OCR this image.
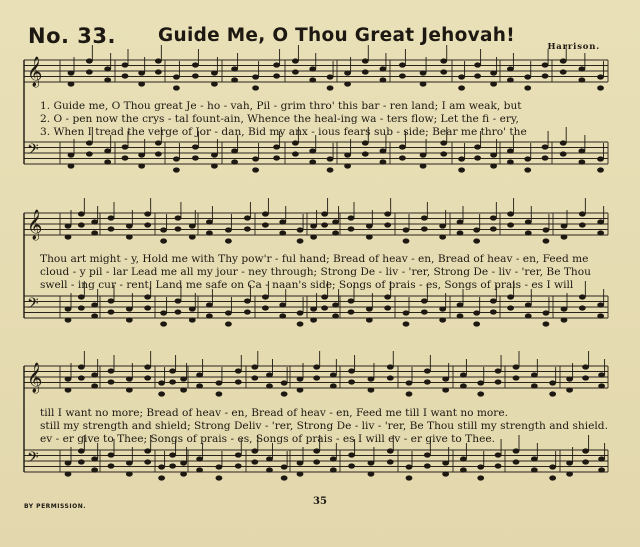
No. 33. Guide Me, O Thou Great Jehovah!
Harrison.
𝄞
𝄢
𝄞
𝄢
𝄞
𝄢
1. Guide me, O Thou great Je - ho - vah, Pil - grim thro' this bar - ren land; I am weak, but
2. O - pen now the crys - tal fount-ain, Whence the heal-ing wa - ters flow; Let the fi - ery,
3. When I tread the verge of Jor - dan, Bid my anx - ious fears sub - side; Bear me thro' the
Thou art might - y, Hold me with Thy pow'r - ful hand; Bread of heav - en, Bread of heav - en, Feed me
cloud - y pil - lar Lead me all my jour - ney through; Strong De - liv - 'rer, Strong De - liv - 'rer, Be Thou
swell - ing cur - rent, Land me safe on Ca - naan's side; Songs of prais - es, Songs of prais - es I will
till I want no more; Bread of heav - en, Bread of heav - en, Feed me till I want no more.
still my strength and shield; Strong Deliv - 'rer, Strong De - liv - 'rer, Be Thou still my strength and shield.
ev - er give to Thee; Songs of prais - es, Songs of prais - es I will ev - er give to Thee.
BY PERMISSION.	35
